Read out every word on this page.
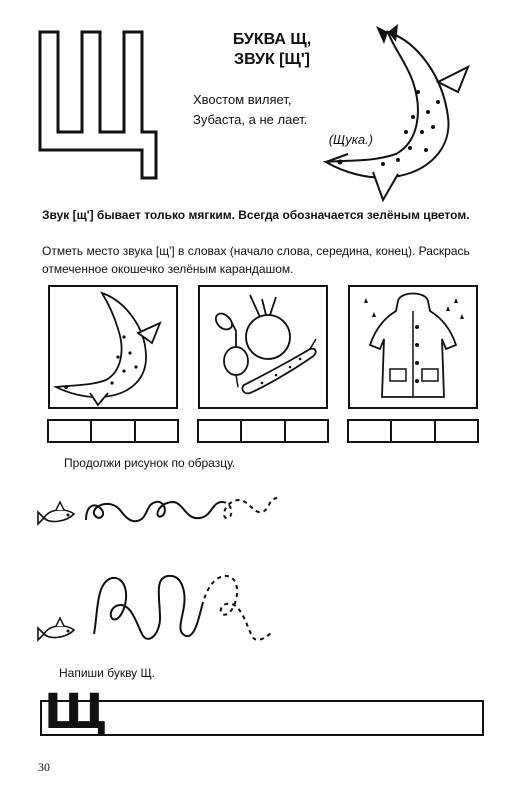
БУКВА Щ,
ЗВУК [Щ']
Хвостом виляет,
Зубаста, а не лает.
(Щука.)
Звук [щ'] бывает только мягким. Всегда обозначается зелёным цветом.
Отметь место звука [щ'] в словах (начало слова, середина, конец). Раскрась отмеченное окошечко зелёным карандашом.
Продолжи рисунок по образцу.
Напиши букву Щ.
Щ
30
